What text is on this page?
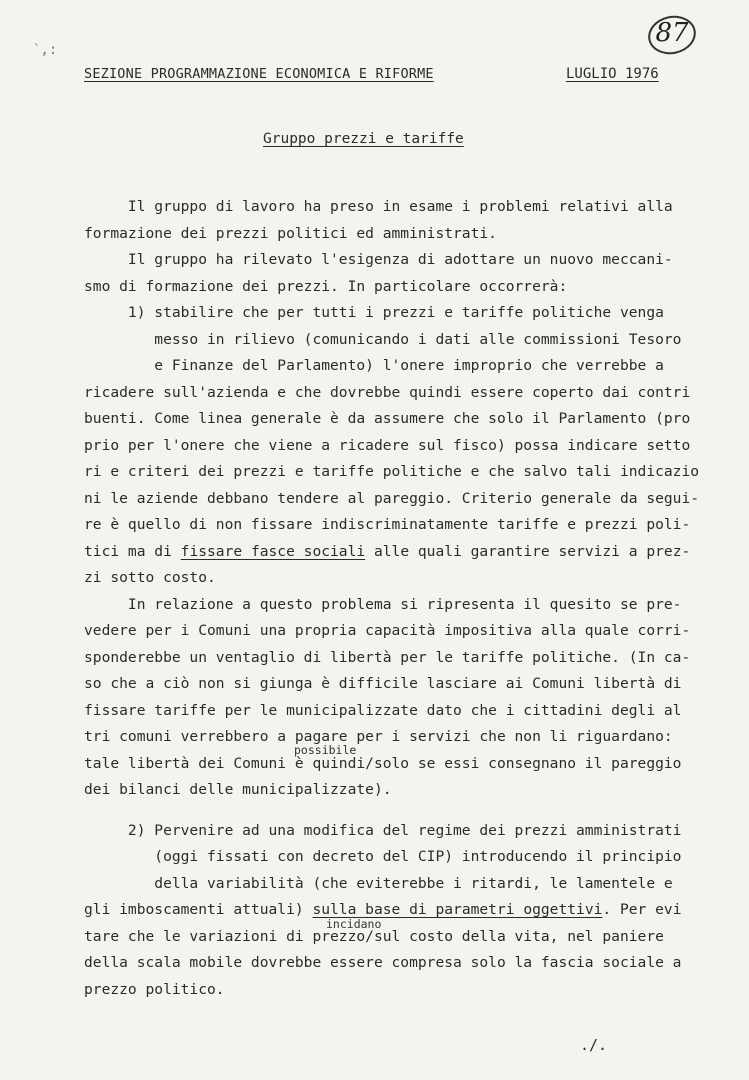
‵,:
SEZIONE PROGRAMMAZIONE ECONOMICA E RIFORME	LUGLIO 1976
87
Gruppo prezzi e tariffe
Il gruppo di lavoro ha preso in esame i problemi relativi alla
formazione dei prezzi politici ed amministrati.
Il gruppo ha rilevato l'esigenza di adottare un nuovo meccani-
smo di formazione dei prezzi. In particolare occorrerà:
1) stabilire che per tutti i prezzi e tariffe politiche venga
messo in rilievo (comunicando i dati alle commissioni Tesoro
e Finanze del Parlamento) l'onere improprio che verrebbe a
ricadere sull'azienda e che dovrebbe quindi essere coperto dai contri
buenti. Come linea generale è da assumere che solo il Parlamento (pro
prio per l'onere che viene a ricadere sul fisco) possa indicare setto
ri e criteri dei prezzi e tariffe politiche e che salvo tali indicazio
ni le aziende debbano tendere al pareggio. Criterio generale da segui-
re è quello di non fissare indiscriminatamente tariffe e prezzi poli-
tici ma di fissare fasce sociali alle quali garantire servizi a prez-
zi sotto costo.
In relazione a questo problema si ripresenta il quesito se pre-
vedere per i Comuni una propria capacità impositiva alla quale corri-
sponderebbe un ventaglio di libertà per le tariffe politiche. (In ca-
so che a ciò non si giunga è difficile lasciare ai Comuni libertà di
fissare tariffe per le municipalizzate dato che i cittadini degli al
tri comuni verrebbero a pagare per i servizi che non li riguardano:
tale libertà dei Comuni è quindi/solo se essi consegnano il pareggio
dei bilanci delle municipalizzate).
2) Pervenire ad una modifica del regime dei prezzi amministrati
(oggi fissati con decreto del CIP) introducendo il principio
della variabilità (che eviterebbe i ritardi, le lamentele e
gli imboscamenti attuali) sulla base di parametri oggettivi. Per evi
tare che le variazioni di prezzo/sul costo della vita, nel paniere
della scala mobile dovrebbe essere compresa solo la fascia sociale a
prezzo politico.
possibile
incidano
./.
